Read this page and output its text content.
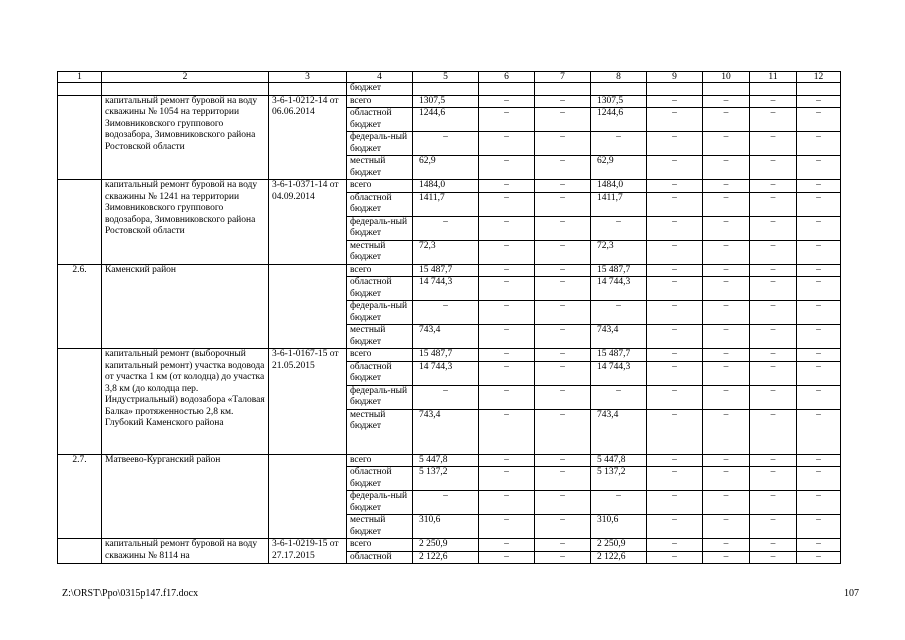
1	2	3	4	5	6	7	8	9	10	11	12
			бюджет								
	капитальный ремонт буровой на воду скважины № 1054 на территории Зимовниковского группового водозабора, Зимовниковского района Ростовской области	3-6-1-0212-14 от 06.06.2014	всего	1307,5	–	–	1307,5	–	–	–	–
			областной бюджет	1244,6	–	–	1244,6	–	–	–	–
			федераль-ный бюджет	–	–	–	–	–	–	–	–
			местный бюджет	62,9	–	–	62,9	–	–	–	–
	капитальный ремонт буровой на воду скважины № 1241 на территории Зимовниковского группового водозабора, Зимовниковского района Ростовской области	3-6-1-0371-14 от 04.09.2014	всего	1484,0	–	–	1484,0	–	–	–	–
			областной бюджет	1411,7	–	–	1411,7	–	–	–	–
			федераль-ный бюджет	–	–	–	–	–	–	–	–
			местный бюджет	72,3	–	–	72,3	–	–	–	–
2.6.	Каменский район		всего	15 487,7	–	–	15 487,7	–	–	–	–
			областной бюджет	14 744,3	–	–	14 744,3	–	–	–	–
			федераль-ный бюджет	–	–	–	–	–	–	–	–
			местный бюджет	743,4	–	–	743,4	–	–	–	–
	капитальный ремонт (выборочный капитальный ремонт) участка водовода от участка 1 км (от колодца) до участка 3,8 км (до колодца пер. Индустриальный) водозабора «Таловая Балка» протяженностью 2,8 км. Глубокий Каменского района	3-6-1-0167-15 от 21.05.2015	всего	15 487,7	–	–	15 487,7	–	–	–	–
			областной бюджет	14 744,3	–	–	14 744,3	–	–	–	–
			федераль-ный бюджет	–	–	–	–	–	–	–	–
			местный бюджет	743,4	–	–	743,4	–	–	–	–
2.7.	Матвеево-Курганский район		всего	5 447,8	–	–	5 447,8	–	–	–	–
			областной бюджет	5 137,2	–	–	5 137,2	–	–	–	–
			федераль-ный бюджет	–	–	–	–	–	–	–	–
			местный бюджет	310,6	–	–	310,6	–	–	–	–
	капитальный ремонт буровой на воду скважины № 8114 на	3-6-1-0219-15 от 27.17.2015	всего	2 250,9	–	–	2 250,9	–	–	–	–
			областной	2 122,6	–	–	2 122,6	–	–	–	–
Z:\ORST\Ppo\0315p147.f17.docx	107
